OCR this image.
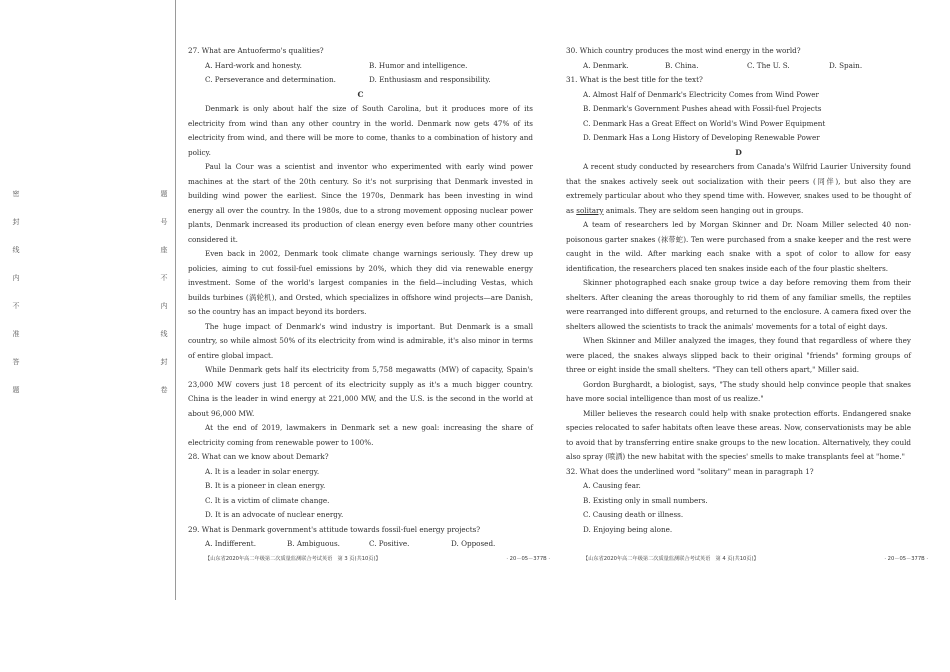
密
封
线
内
不
准
答
题
题
号
座
不
内
线
封
卷

27. What are Antuofermo's qualities?

A. Hard-work and honesty.	B. Humor and intelligence.
C. Perseverance and determination.	D. Enthusiasm and responsibility.

C

Denmark is only about half the size of South Carolina, but it produces more of its electricity from wind than any other country in the world. Denmark now gets 47% of its electricity from wind, and there will be more to come, thanks to a combination of history and policy.

Paul la Cour was a scientist and inventor who experimented with early wind power machines at the start of the 20th century. So it's not surprising that Denmark invested in building wind power the earliest. Since the 1970s, Denmark has been investing in wind energy all over the country. In the 1980s, due to a strong movement opposing nuclear power plants, Denmark increased its production of clean energy even before many other countries considered it.

Even back in 2002, Denmark took climate change warnings seriously. They drew up policies, aiming to cut fossil-fuel emissions by 20%, which they did via renewable energy investment. Some of the world's largest companies in the field—including Vestas, which builds turbines (涡轮机), and Orsted, which specializes in offshore wind projects—are Danish, so the country has an impact beyond its borders.

The huge impact of Denmark's wind industry is important. But Denmark is a small country, so while almost 50% of its electricity from wind is admirable, it's also minor in terms of entire global impact.

While Denmark gets half its electricity from 5,758 megawatts (MW) of capacity, Spain's 23,000 MW covers just 18 percent of its electricity supply as it's a much bigger country. China is the leader in wind energy at 221,000 MW, and the U.S. is the second in the world at about 96,000 MW.

At the end of 2019, lawmakers in Denmark set a new goal: increasing the share of electricity coming from renewable power to 100%.

28. What can we know about Demark?

A. It is a leader in solar energy.

B. It is a pioneer in clean energy.

C. It is a victim of climate change.

D. It is an advocate of nuclear energy.

29. What is Denmark government's attitude towards fossil-fuel energy projects?

A. Indifferent.	B. Ambiguous.	C. Positive.	D. Opposed.
【山东省2020年高二年级第二次质量监测联合考试英语　第 3 页(共10页)】	· 20－05－377B ·

30. Which country produces the most wind energy in the world?

A. Denmark.	B. China.	C. The U. S.	D. Spain.

31. What is the best title for the text?

A. Almost Half of Denmark's Electricity Comes from Wind Power

B. Denmark's Government Pushes ahead with Fossil-fuel Projects

C. Denmark Has a Great Effect on World's Wind Power Equipment

D. Denmark Has a Long History of Developing Renewable Power

D

A recent study conducted by researchers from Canada's Wilfrid Laurier University found that the snakes actively seek out socialization with their peers (同伴), but also they are extremely particular about who they spend time with. However, snakes used to be thought of as solitary animals. They are seldom seen hanging out in groups.

A team of researchers led by Morgan Skinner and Dr. Noam Miller selected 40 non-poisonous garter snakes (袜带蛇). Ten were purchased from a snake keeper and the rest were caught in the wild. After marking each snake with a spot of color to allow for easy identification, the researchers placed ten snakes inside each of the four plastic shelters.

Skinner photographed each snake group twice a day before removing them from their shelters. After cleaning the areas thoroughly to rid them of any familiar smells, the reptiles were rearranged into different groups, and returned to the enclosure. A camera fixed over the shelters allowed the scientists to track the animals' movements for a total of eight days.

When Skinner and Miller analyzed the images, they found that regardless of where they were placed, the snakes always slipped back to their original "friends" forming groups of three or eight inside the small shelters. "They can tell others apart," Miller said.

Gordon Burghardt, a biologist, says, "The study should help convince people that snakes have more social intelligence than most of us realize."

Miller believes the research could help with snake protection efforts. Endangered snake species relocated to safer habitats often leave these areas. Now, conservationists may be able to avoid that by transferring entire snake groups to the new location. Alternatively, they could also spray (喷洒) the new habitat with the species' smells to make transplants feel at "home."

32. What does the underlined word "solitary" mean in paragraph 1?

A. Causing fear.

B. Existing only in small numbers.

C. Causing death or illness.

D. Enjoying being alone.

【山东省2020年高二年级第二次质量监测联合考试英语　第 4 页(共10页)】	· 20－05－377B ·
